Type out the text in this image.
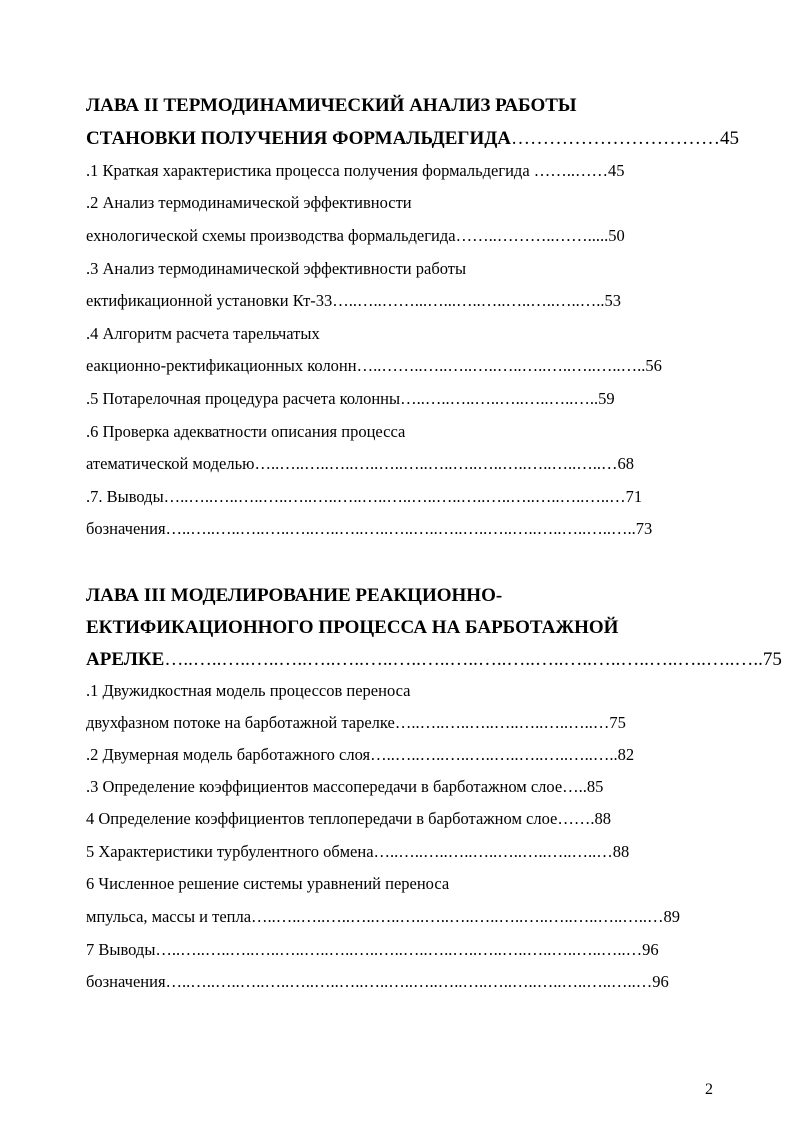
ЛАВА II ТЕРМОДИНАМИЧЕСКИЙ АНАЛИЗ РАБОТЫ
СТАНОВКИ ПОЛУЧЕНИЯ ФОРМАЛЬДЕГИДА……………………………45
.1 Краткая характеристика процесса получения формальдегида ……..……45
.2 Анализ термодинамической эффективности
ехнологической схемы производства формальдегида……..………..…….....50
.3 Анализ термодинамической эффективности работы
ектификационной установки Кт-33…..…..……...…...…..…..…..…..…..…..53
.4 Алгоритм расчета тарельчатых
еакционно-ректификационных колонн…..……..…..…..…..…..…..…..…..…..…..56
.5 Потарелочная процедура расчета колонны…..…..…..…..…..…..…..…..59
.6 Проверка адекватности описания процесса
атематической моделью…..…..…..…..…..…..…..…..…..…..…..…..…..…..…68
.7. Выводы…..…..…..…..…..…..…..…..…..…..…..…..…..…..…..…..…..…..…71
бозначения…..…..…..…..…..…..…..…..…..…..…..…..…..…..…..…..…..…..…..73
ЛАВА III МОДЕЛИРОВАНИЕ РЕАКЦИОННО-
ЕКТИФИКАЦИОННОГО ПРОЦЕССА НА БАРБОТАЖНОЙ
АРЕЛКЕ…..…..…..…..…..…..…..…..…..…..…..…..…..…..…..…..…..…..…..…..…..75
.1 Двужидкостная модель процессов переноса
двухфазном потоке на барботажной тарелке…..…..…..…..…..…..…..…..…75
.2 Двумерная модель барботажного слоя…..…..…..…..…..…..…..…..…..…..82
.3 Определение коэффициентов массопередачи в барботажном слое…..85
4 Определение коэффициентов теплопередачи в барботажном слое…….88
5 Характеристики турбулентного обмена…..…..…..…..…..…..…..…..…..…88
6 Численное решение системы уравнений переноса
мпульса, массы и тепла…..…..…..…..…..…..…..…..…..…..…..…..…..…..…..…..…89
7 Выводы…..…..…..…..…..…..…..…..…..…..…..…..…..…..…..…..…..…..…..…96
бозначения…..…..…..…..…..…..…..…..…..…..…..…..…..…..…..…..…..…..…..…96
2
